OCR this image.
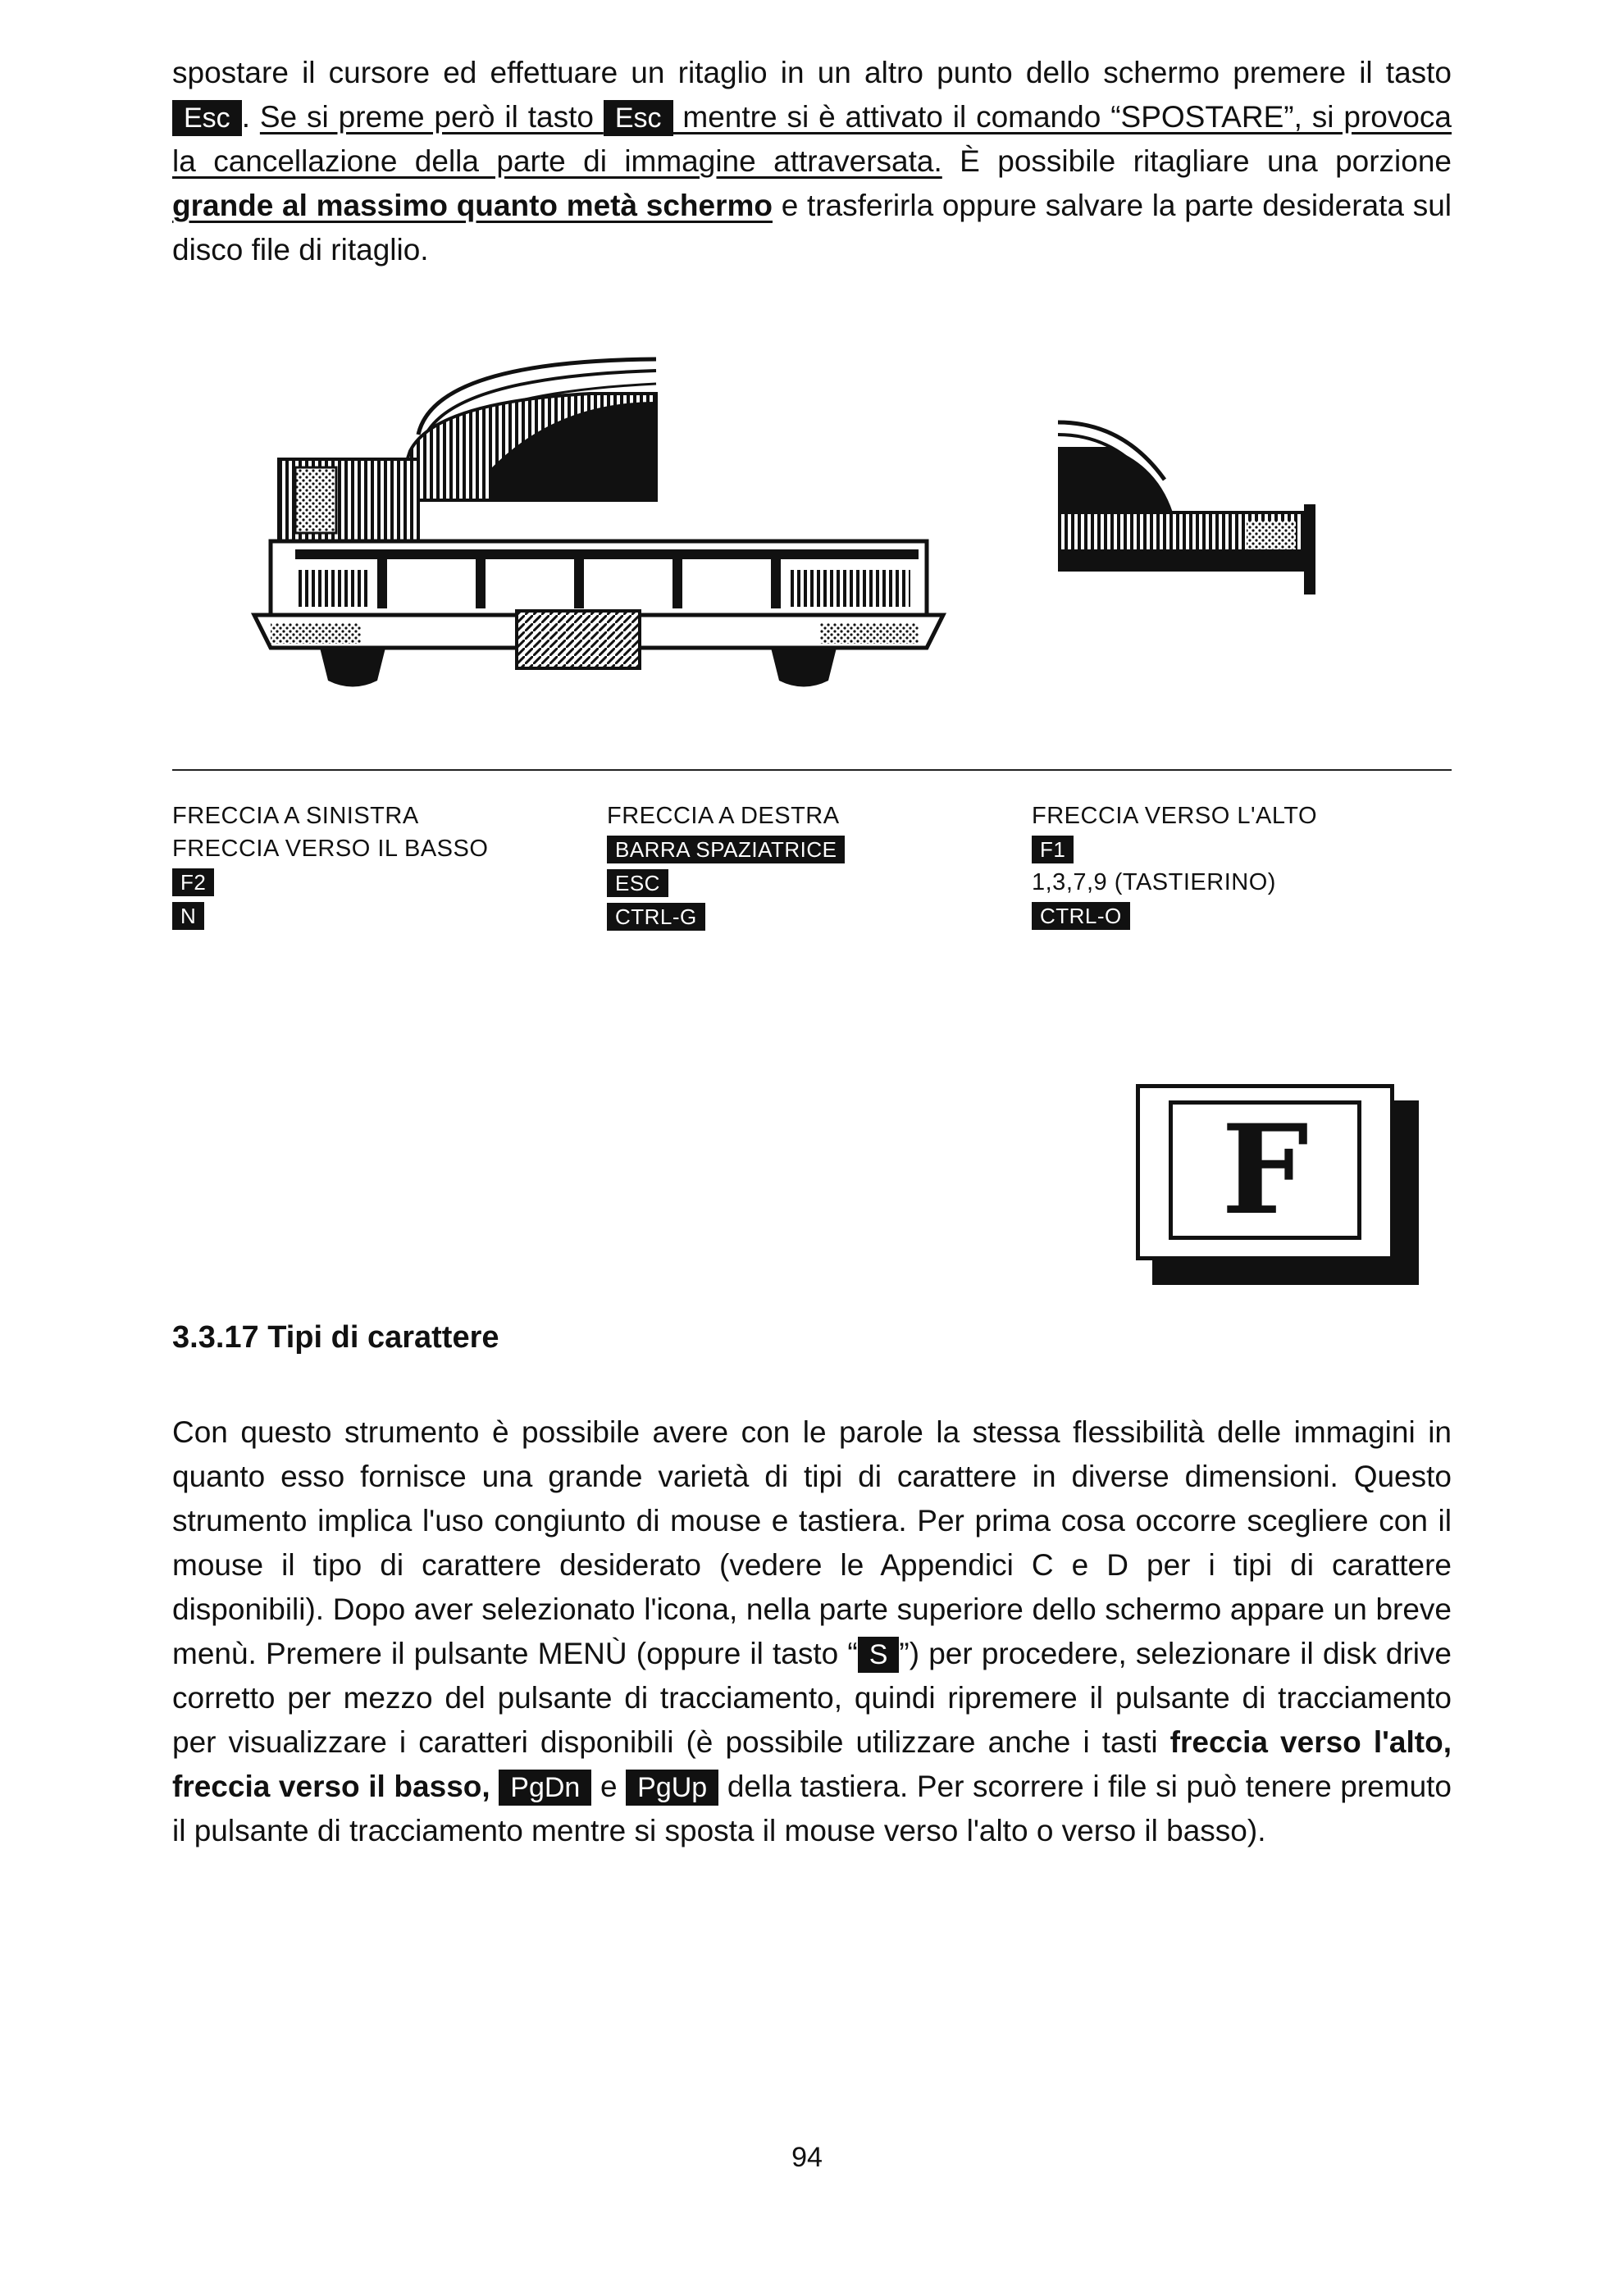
spostare il cursore ed effettuare un ritaglio in un altro punto dello schermo premere il tasto Esc . Se si preme però il tasto Esc mentre si è attivato il comando “SPOSTARE”, si provoca la cancellazione della parte di immagine attraversata. È possibile ritagliare una porzione grande al massimo quanto metà schermo e trasferirla oppure salvare la parte desiderata sul disco file di ritaglio.

FRECCIA A SINISTRA
FRECCIA VERSO IL BASSO
F2
N
FRECCIA A DESTRA
BARRA SPAZIATRICE
ESC
CTRL-G
FRECCIA VERSO L'ALTO
F1
1,3,7,9 (TASTIERINO)
CTRL-O
F
3.3.17 Tipi di carattere

Con questo strumento è possibile avere con le parole la stessa flessibilità delle immagini in quanto esso fornisce una grande varietà di tipi di carattere in diverse dimensioni. Questo strumento implica l'uso congiunto di mouse e tastiera. Per prima cosa occorre scegliere con il mouse il tipo di carattere desiderato (vedere le Appendici C e D per i tipi di carattere disponibili). Dopo aver selezionato l'icona, nella parte superiore dello schermo appare un breve menù. Premere il pulsante MENÙ (oppure il tasto “ S ”) per procedere, selezionare il disk drive corretto per mezzo del pulsante di tracciamento, quindi ripremere il pulsante di tracciamento per visualizzare i caratteri disponibili (è possibile utilizzare anche i tasti freccia verso l'alto, freccia verso il basso, PgDn e PgUp della tastiera. Per scorrere i file si può tenere premuto il pulsante di tracciamento mentre si sposta il mouse verso l'alto o verso il basso).

94
